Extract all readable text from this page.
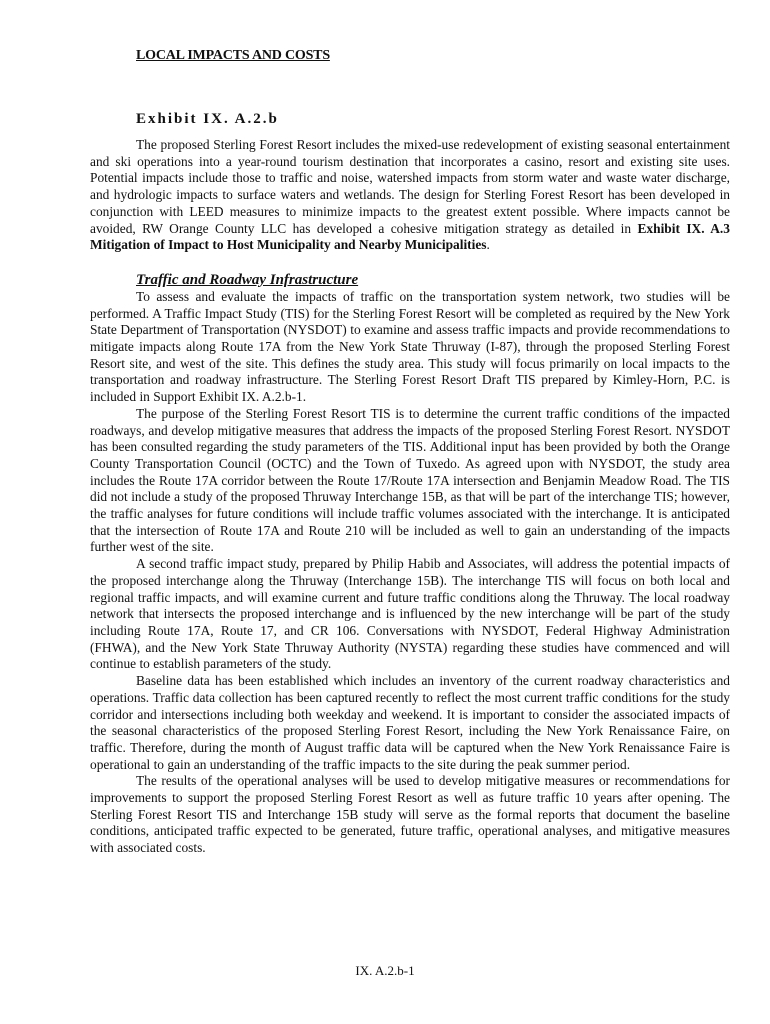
LOCAL IMPACTS AND COSTS
Exhibit IX. A.2.b

The proposed Sterling Forest Resort includes the mixed-use redevelopment of existing seasonal entertainment and ski operations into a year-round tourism destination that incorporates a casino, resort and existing site uses. Potential impacts include those to traffic and noise, watershed impacts from storm water and waste water discharge, and hydrologic impacts to surface waters and wetlands. The design for Sterling Forest Resort has been developed in conjunction with LEED measures to minimize impacts to the greatest extent possible. Where impacts cannot be avoided, RW Orange County LLC has developed a cohesive mitigation strategy as detailed in Exhibit IX. A.3 Mitigation of Impact to Host Municipality and Nearby Municipalities.

Traffic and Roadway Infrastructure

To assess and evaluate the impacts of traffic on the transportation system network, two studies will be performed. A Traffic Impact Study (TIS) for the Sterling Forest Resort will be completed as required by the New York State Department of Transportation (NYSDOT) to examine and assess traffic impacts and provide recommendations to mitigate impacts along Route 17A from the New York State Thruway (I-87), through the proposed Sterling Forest Resort site, and west of the site. This defines the study area. This study will focus primarily on local impacts to the transportation and roadway infrastructure. The Sterling Forest Resort Draft TIS prepared by Kimley-Horn, P.C. is included in Support Exhibit IX. A.2.b-1.

The purpose of the Sterling Forest Resort TIS is to determine the current traffic conditions of the impacted roadways, and develop mitigative measures that address the impacts of the proposed Sterling Forest Resort. NYSDOT has been consulted regarding the study parameters of the TIS. Additional input has been provided by both the Orange County Transportation Council (OCTC) and the Town of Tuxedo. As agreed upon with NYSDOT, the study area includes the Route 17A corridor between the Route 17/Route 17A intersection and Benjamin Meadow Road. The TIS did not include a study of the proposed Thruway Interchange 15B, as that will be part of the interchange TIS; however, the traffic analyses for future conditions will include traffic volumes associated with the interchange. It is anticipated that the intersection of Route 17A and Route 210 will be included as well to gain an understanding of the impacts further west of the site.

A second traffic impact study, prepared by Philip Habib and Associates, will address the potential impacts of the proposed interchange along the Thruway (Interchange 15B). The interchange TIS will focus on both local and regional traffic impacts, and will examine current and future traffic conditions along the Thruway. The local roadway network that intersects the proposed interchange and is influenced by the new interchange will be part of the study including Route 17A, Route 17, and CR 106. Conversations with NYSDOT, Federal Highway Administration (FHWA), and the New York State Thruway Authority (NYSTA) regarding these studies have commenced and will continue to establish parameters of the study.

Baseline data has been established which includes an inventory of the current roadway characteristics and operations. Traffic data collection has been captured recently to reflect the most current traffic conditions for the study corridor and intersections including both weekday and weekend. It is important to consider the associated impacts of the seasonal characteristics of the proposed Sterling Forest Resort, including the New York Renaissance Faire, on traffic. Therefore, during the month of August traffic data will be captured when the New York Renaissance Faire is operational to gain an understanding of the traffic impacts to the site during the peak summer period.

The results of the operational analyses will be used to develop mitigative measures or recommendations for improvements to support the proposed Sterling Forest Resort as well as future traffic 10 years after opening. The Sterling Forest Resort TIS and Interchange 15B study will serve as the formal reports that document the baseline conditions, anticipated traffic expected to be generated, future traffic, operational analyses, and mitigative measures with associated costs.

IX. A.2.b-1
